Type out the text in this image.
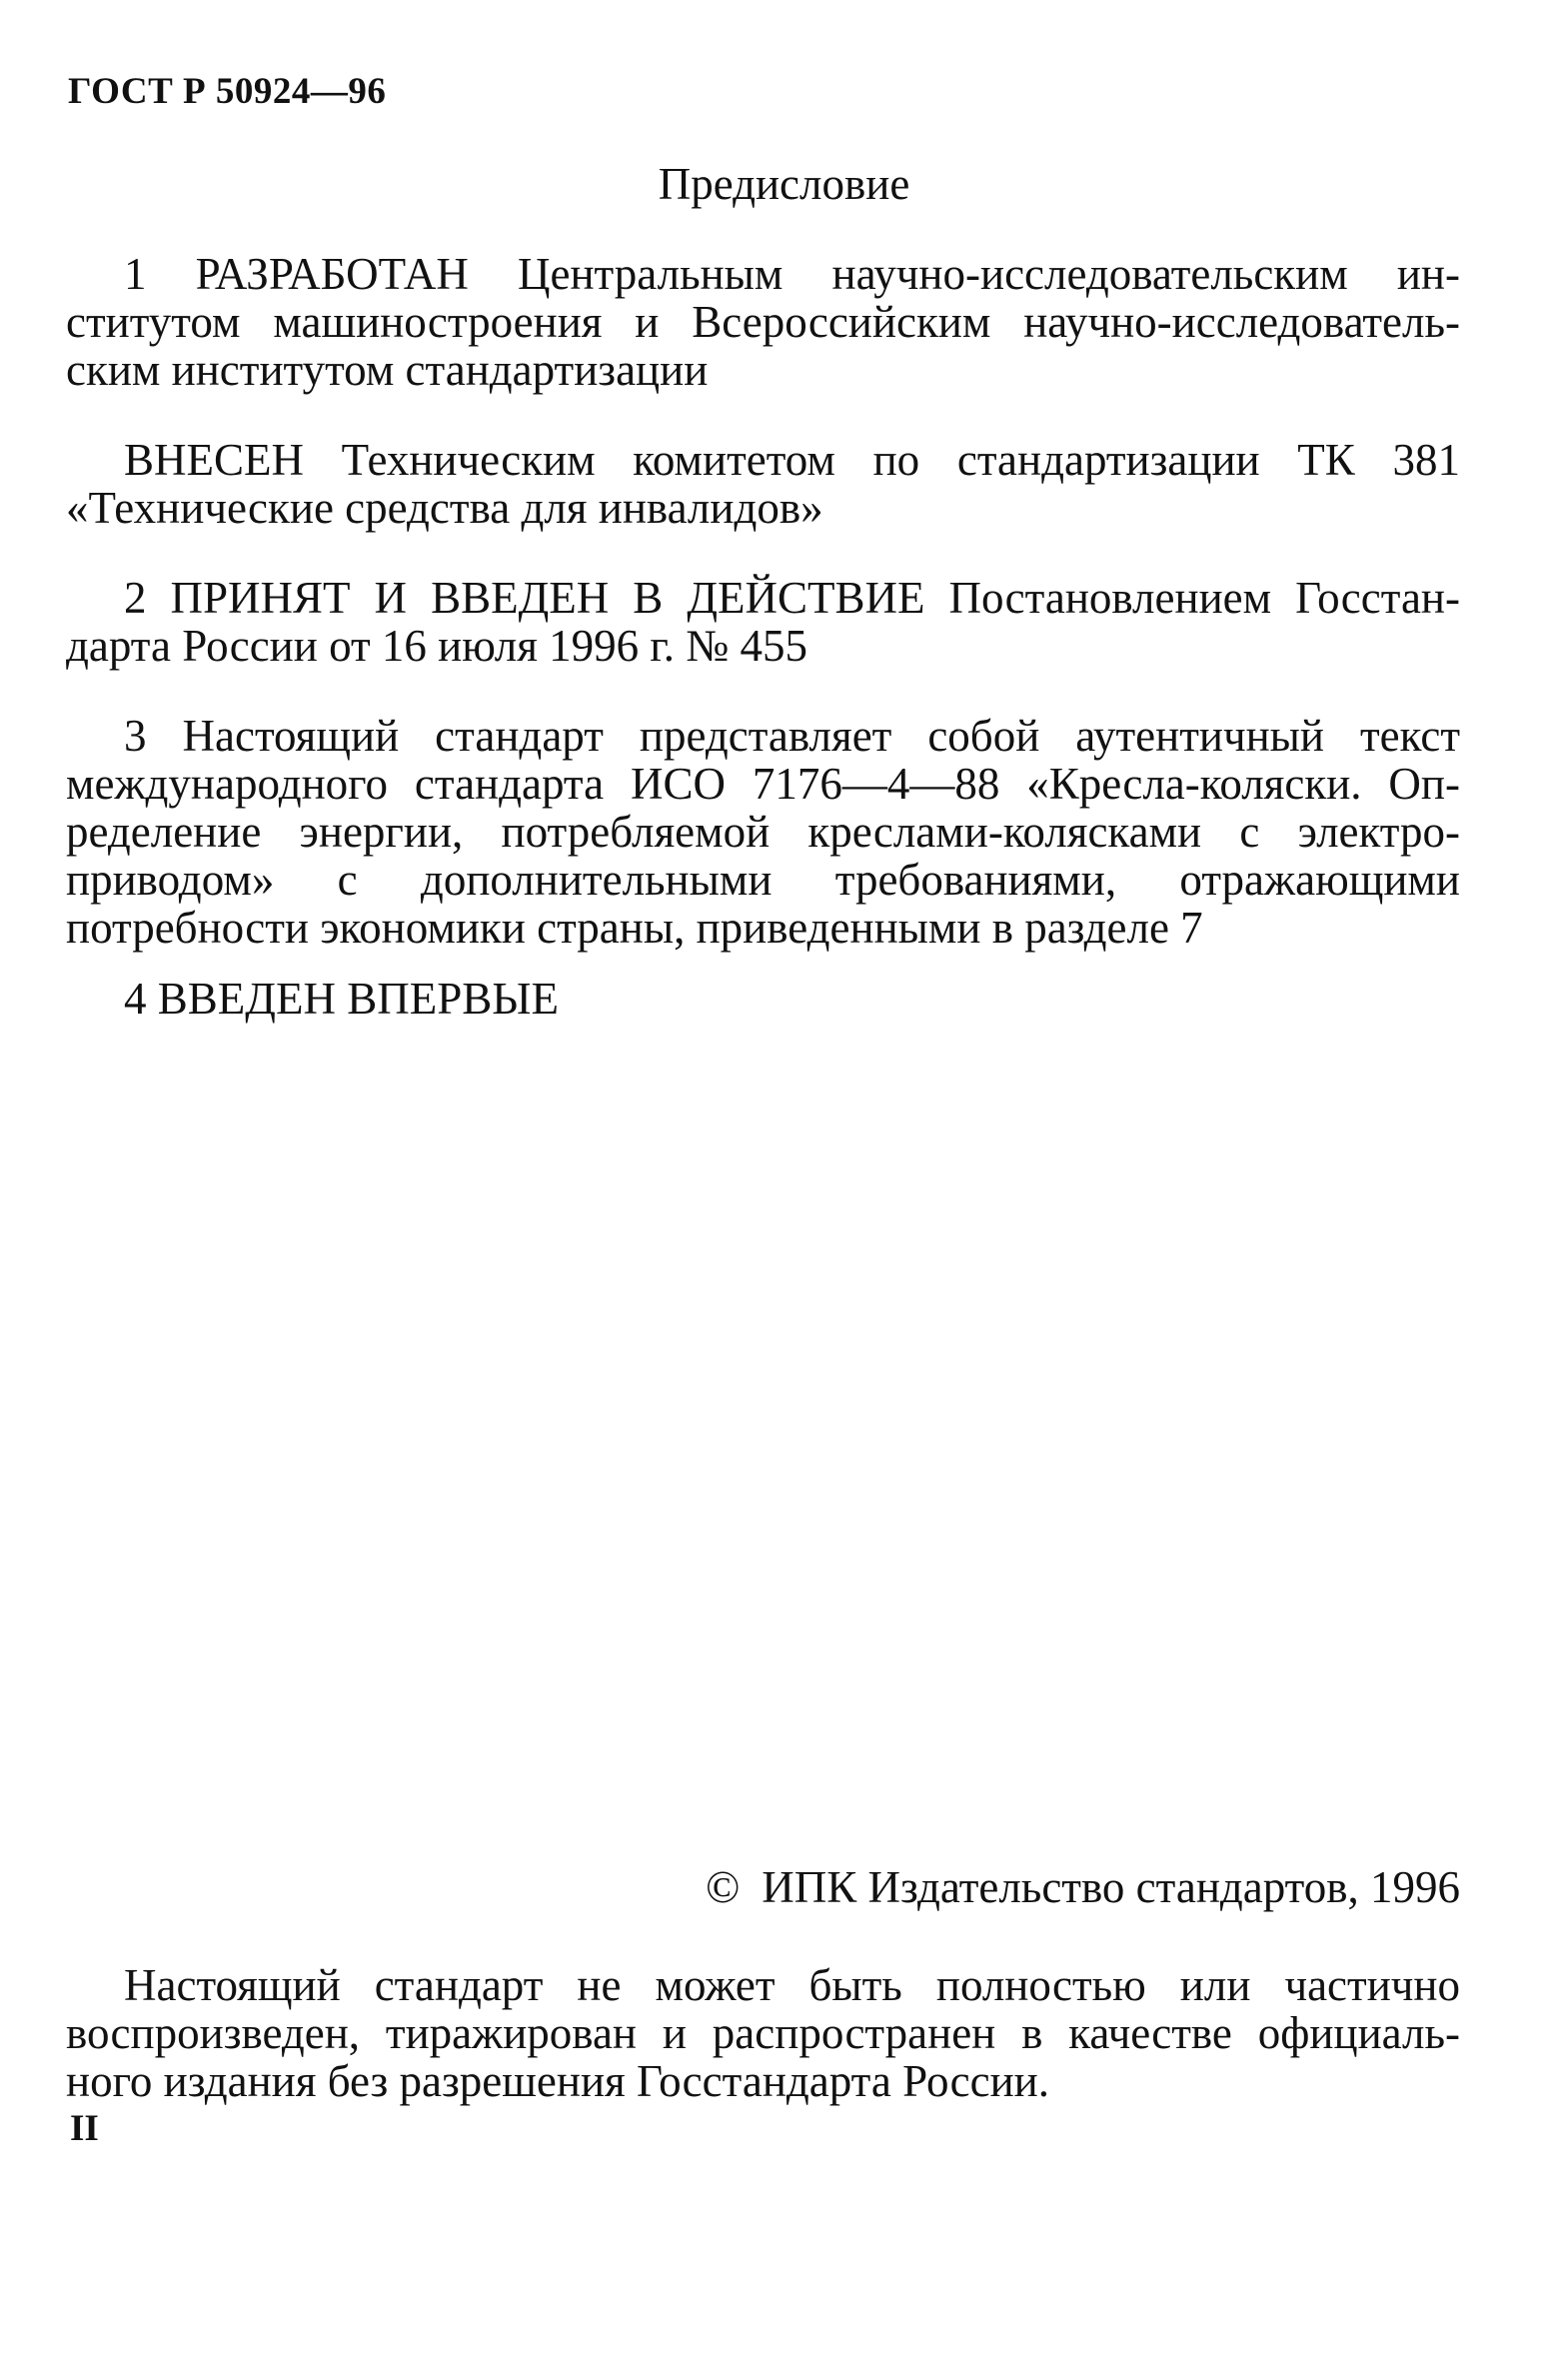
ГОСТ Р 50924—96
Предисловие
1 РАЗРАБОТАН Центральным научно-исследовательским ин-
ститутом машиностроения и Всероссийским научно-исследователь-
ским институтом стандартизации
ВНЕСЕН Техническим комитетом по стандартизации ТК 381
«Технические средства для инвалидов»
2 ПРИНЯТ И ВВЕДЕН В ДЕЙСТВИЕ Постановлением Госстан-
дарта России от 16 июля 1996 г. № 455
3 Настоящий стандарт представляет собой аутентичный текст
международного стандарта ИСО 7176—4—88 «Кресла-коляски. Оп-
ределение энергии, потребляемой креслами-колясками с электро-
приводом» с дополнительными требованиями, отражающими
потребности экономики страны, приведенными в разделе 7
4 ВВЕДЕН ВПЕРВЫЕ
© ИПК Издательство стандартов, 1996
Настоящий стандарт не может быть полностью или частично
воспроизведен, тиражирован и распространен в качестве официаль-
ного издания без разрешения Госстандарта России.
II
